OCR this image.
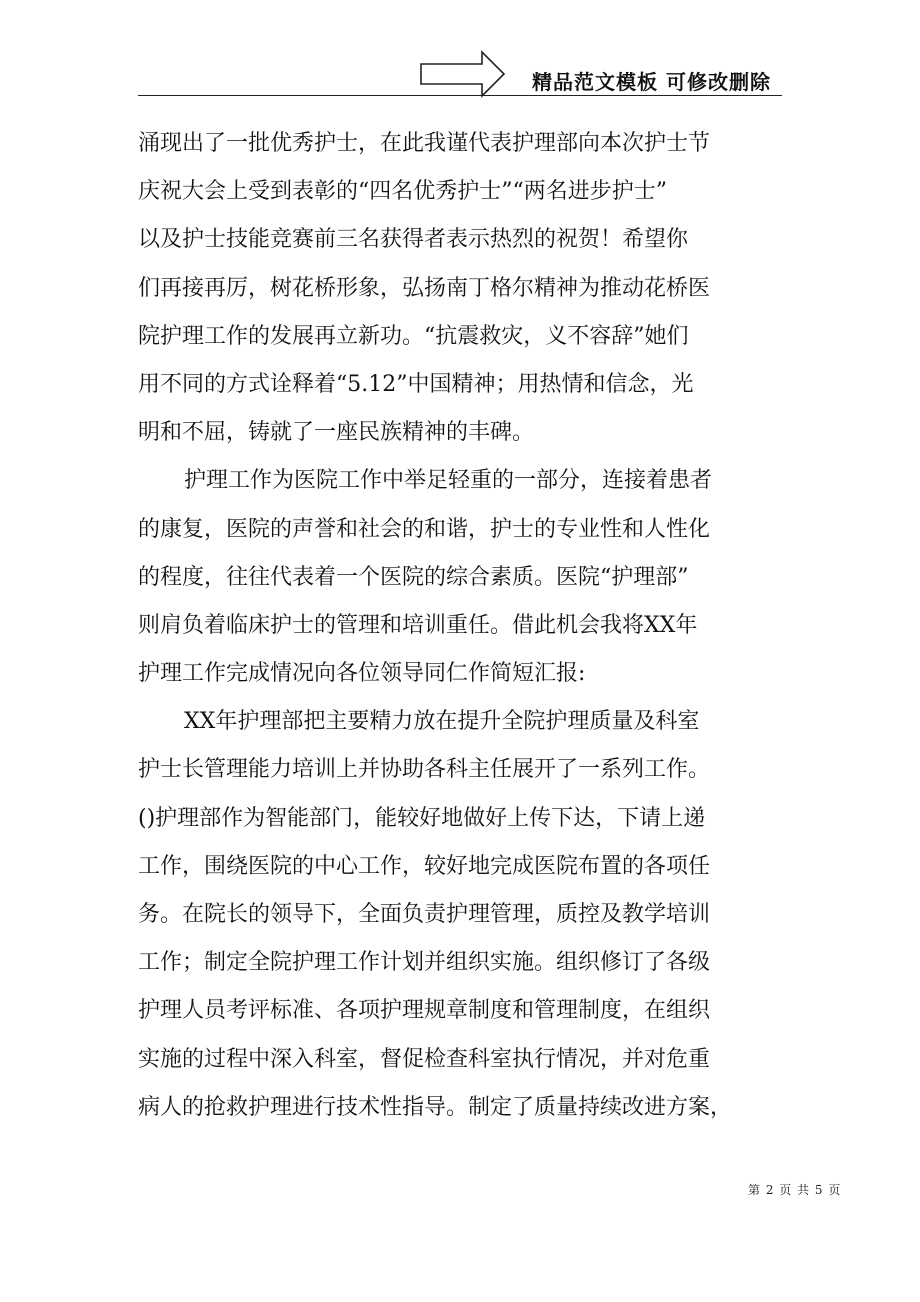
精品范文模板 可修改删除
涌现出了一批优秀护士，在此我谨代表护理部向本次护士节
庆祝大会上受到表彰的“四名优秀护士”“两名进步护士”
以及护士技能竞赛前三名获得者表示热烈的祝贺！希望你
们再接再厉，树花桥形象，弘扬南丁格尔精神为推动花桥医
院护理工作的发展再立新功。“抗震救灾，义不容辞”她们
用不同的方式诠释着“5.12”中国精神；用热情和信念，光
明和不屈，铸就了一座民族精神的丰碑。
护理工作为医院工作中举足轻重的一部分，连接着患者
的康复，医院的声誉和社会的和谐，护士的专业性和人性化
的程度，往往代表着一个医院的综合素质。医院“护理部”
则肩负着临床护士的管理和培训重任。借此机会我将XX年
护理工作完成情况向各位领导同仁作简短汇报:
XX年护理部把主要精力放在提升全院护理质量及科室
护士长管理能力培训上并协助各科主任展开了一系列工作。
()护理部作为智能部门，能较好地做好上传下达，下请上递
工作，围绕医院的中心工作，较好地完成医院布置的各项任
务。在院长的领导下，全面负责护理管理，质控及教学培训
工作；制定全院护理工作计划并组织实施。组织修订了各级
护理人员考评标准、各项护理规章制度和管理制度，在组织
实施的过程中深入科室，督促检查科室执行情况，并对危重
病人的抢救护理进行技术性指导。制定了质量持续改进方案，
第 2 页 共 5 页
